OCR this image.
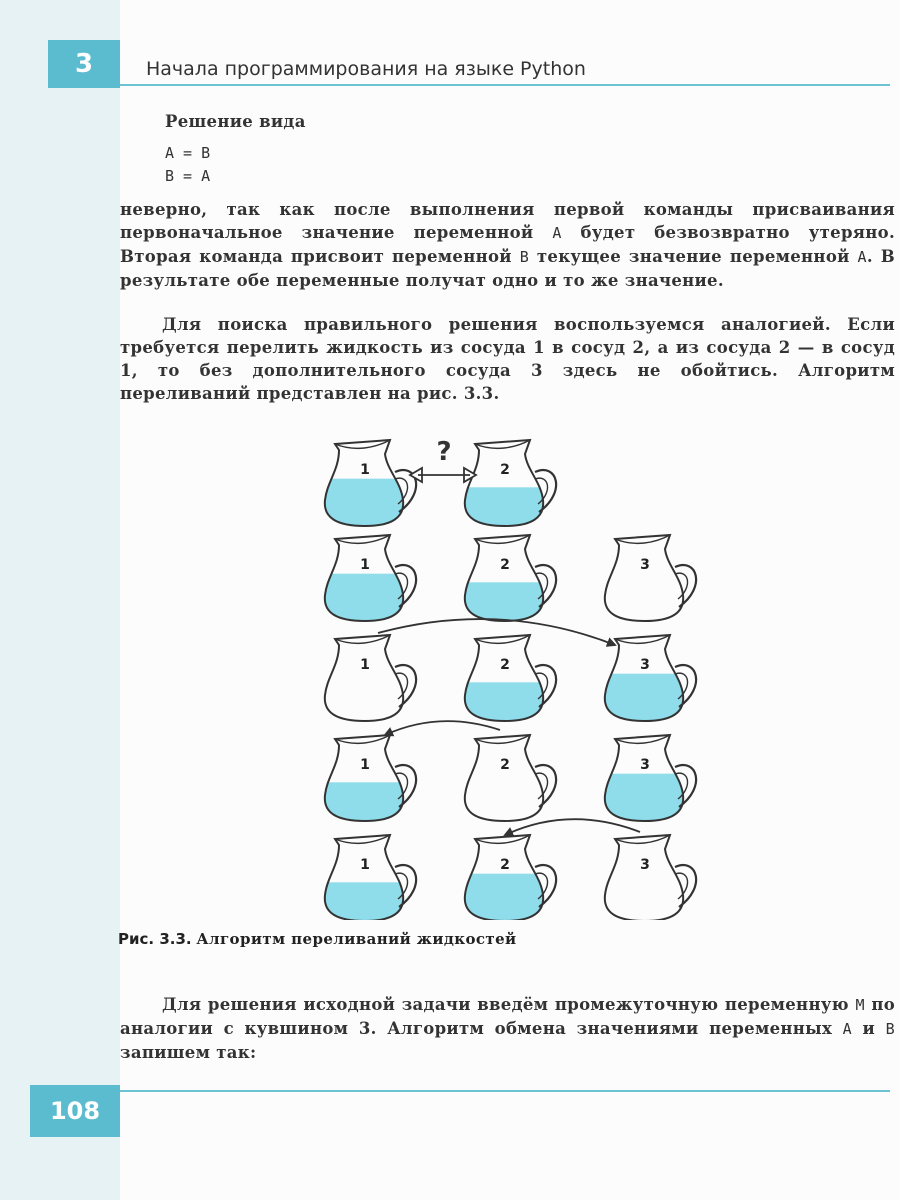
3	Начала программирования на языке Python
Решение вида
A = B
B = A
неверно, так как после выполнения первой команды присваивания первоначальное значение переменной A будет безвозвратно утеряно. Вторая команда присвоит переменной B текущее значение переменной A. В результате обе переменные получат одно и то же значение.
Для поиска правильного решения воспользуемся аналогией. Если требуется перелить жидкость из сосуда 1 в сосуд 2, а из сосуда 2 — в сосуд 1, то без дополнительного сосуда 3 здесь не обойтись. Алгоритм переливаний представлен на рис. 3.3.
1	2
1	2	3
1	2	3
1	2	3
1	2	3
?
Рис. 3.3. Алгоритм переливаний жидкостей
Для решения исходной задачи введём промежуточную переменную M по аналогии с кувшином 3. Алгоритм обмена значениями переменных A и B запишем так:
108
